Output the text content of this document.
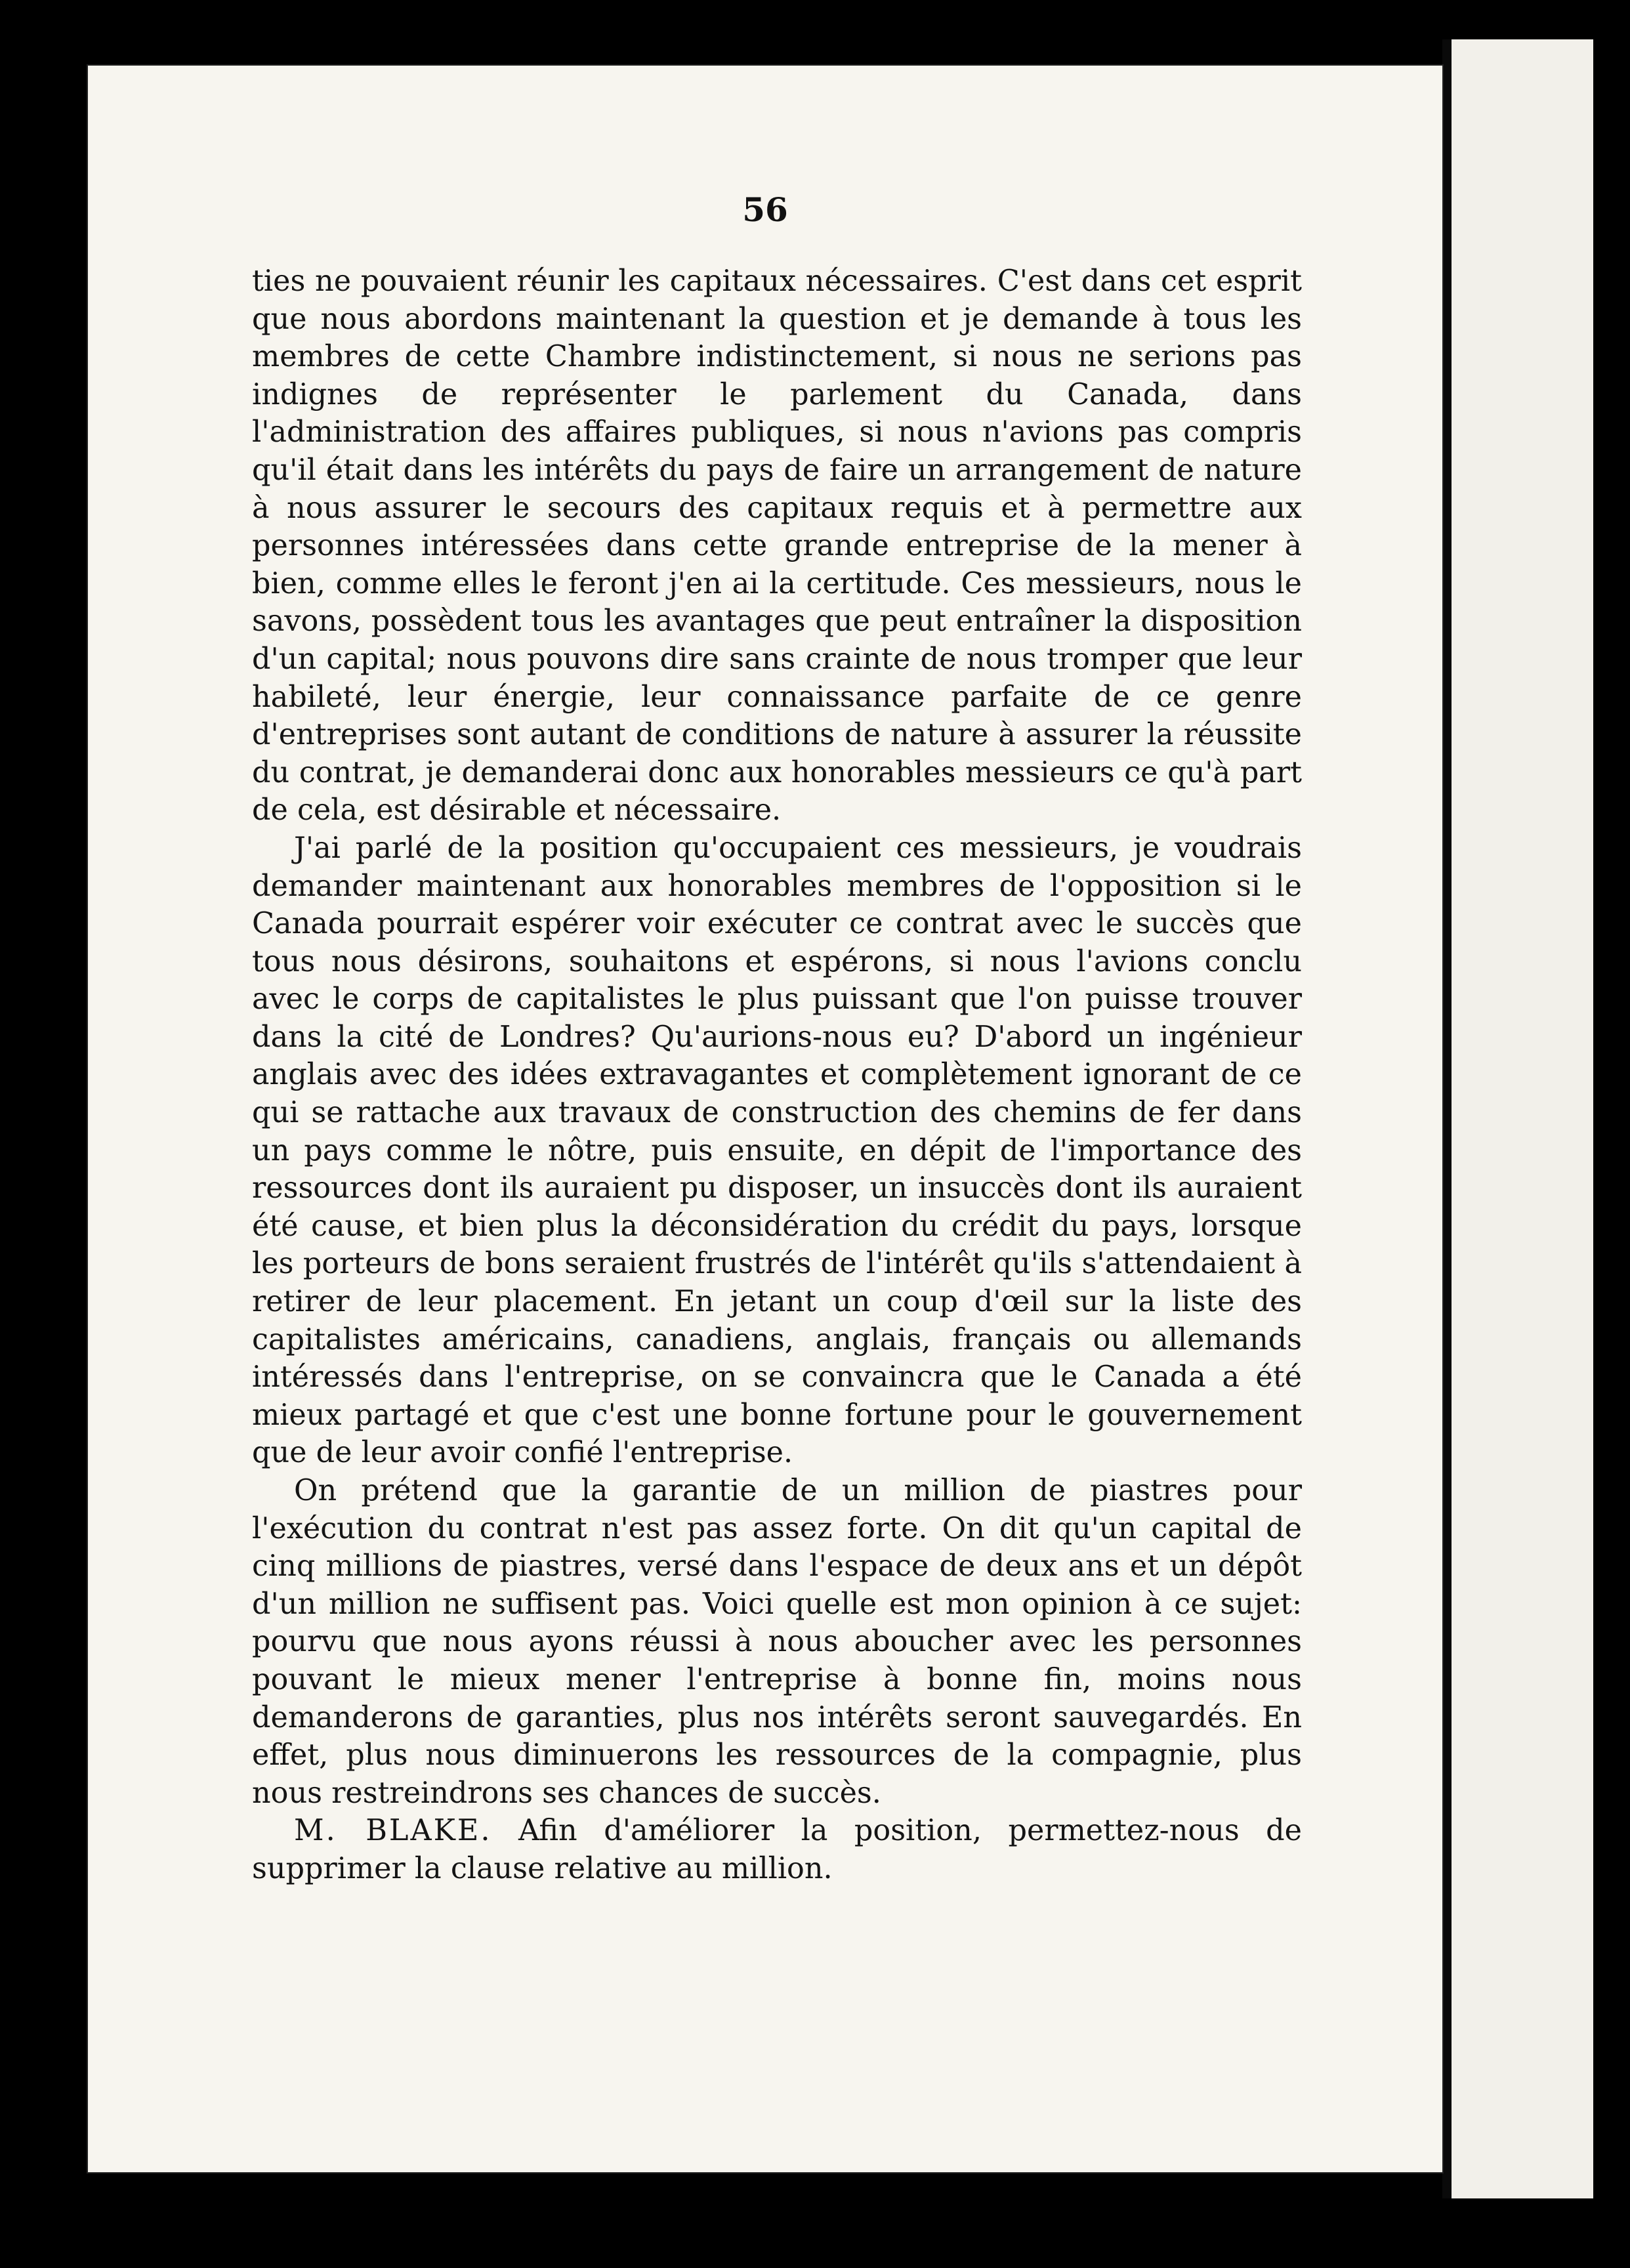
56

ties ne pouvaient réunir les capitaux nécessaires. C'est dans cet esprit que nous abordons maintenant la question et je demande à tous les membres de cette Chambre indistinctement, si nous ne serions pas indignes de représenter le parlement du Canada, dans l'administration des affaires publiques, si nous n'avions pas compris qu'il était dans les intérêts du pays de faire un arrangement de nature à nous assurer le secours des capitaux requis et à permettre aux personnes intéressées dans cette grande entreprise de la mener à bien, comme elles le feront j'en ai la certitude. Ces messieurs, nous le savons, possèdent tous les avantages que peut entraîner la disposition d'un capital; nous pouvons dire sans crainte de nous tromper que leur habileté, leur énergie, leur connaissance parfaite de ce genre d'entreprises sont autant de conditions de nature à assurer la réussite du contrat, je demanderai donc aux honorables messieurs ce qu'à part de cela, est désirable et nécessaire.

J'ai parlé de la position qu'occupaient ces messieurs, je voudrais demander maintenant aux honorables membres de l'opposition si le Canada pourrait espérer voir exécuter ce contrat avec le succès que tous nous désirons, souhaitons et espérons, si nous l'avions conclu avec le corps de capitalistes le plus puissant que l'on puisse trouver dans la cité de Londres? Qu'aurions-nous eu? D'abord un ingénieur anglais avec des idées extravagantes et complètement ignorant de ce qui se rattache aux travaux de construction des chemins de fer dans un pays comme le nôtre, puis ensuite, en dépit de l'importance des ressources dont ils auraient pu disposer, un insuccès dont ils auraient été cause, et bien plus la déconsidération du crédit du pays, lorsque les porteurs de bons seraient frustrés de l'intérêt qu'ils s'attendaient à retirer de leur placement. En jetant un coup d'œil sur la liste des capitalistes américains, canadiens, anglais, français ou allemands intéressés dans l'entreprise, on se convaincra que le Canada a été mieux partagé et que c'est une bonne fortune pour le gouvernement que de leur avoir confié l'entreprise.

On prétend que la garantie de un million de piastres pour l'exécution du contrat n'est pas assez forte. On dit qu'un capital de cinq millions de piastres, versé dans l'espace de deux ans et un dépôt d'un million ne suffisent pas. Voici quelle est mon opinion à ce sujet: pourvu que nous ayons réussi à nous aboucher avec les personnes pouvant le mieux mener l'entreprise à bonne fin, moins nous demanderons de garanties, plus nos intérêts seront sauvegardés. En effet, plus nous diminuerons les ressources de la compagnie, plus nous restreindrons ses chances de succès.

M. BLAKE. Afin d'améliorer la position, permettez-nous de supprimer la clause relative au million.
